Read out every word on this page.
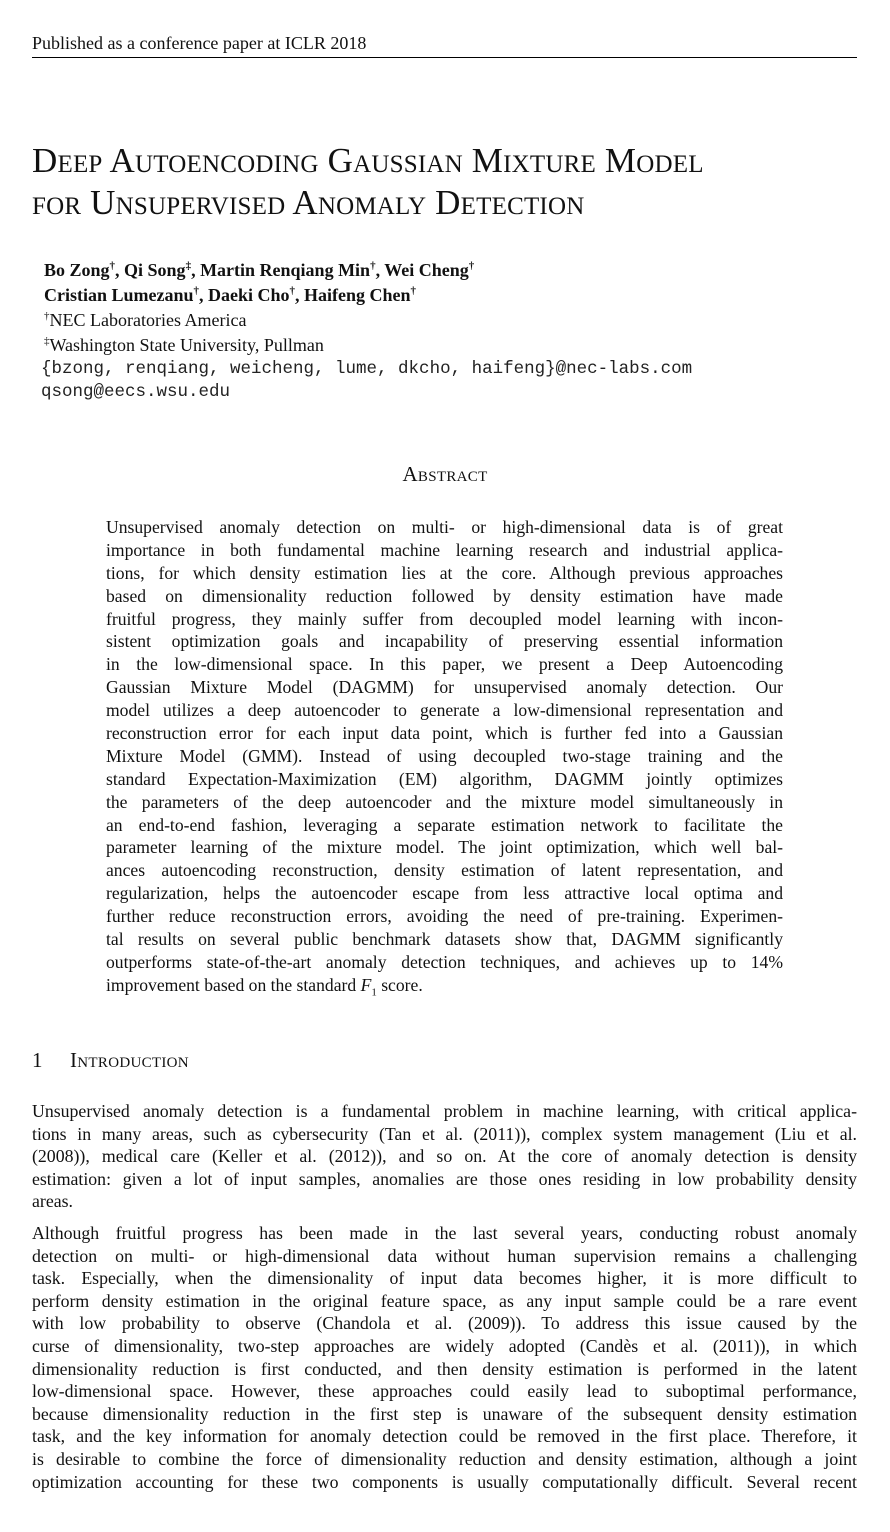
Published as a conference paper at ICLR 2018
Deep Autoencoding Gaussian Mixture Model
for Unsupervised Anomaly Detection
Bo Zong†, Qi Song‡, Martin Renqiang Min†, Wei Cheng†
Cristian Lumezanu†, Daeki Cho†, Haifeng Chen†
†NEC Laboratories America
‡Washington State University, Pullman
{bzong, renqiang, weicheng, lume, dkcho, haifeng}@nec-labs.com
qsong@eecs.wsu.edu
Abstract
Unsupervised anomaly detection on multi- or high-dimensional data is of great
importance in both fundamental machine learning research and industrial applica-
tions, for which density estimation lies at the core. Although previous approaches
based on dimensionality reduction followed by density estimation have made
fruitful progress, they mainly suffer from decoupled model learning with incon-
sistent optimization goals and incapability of preserving essential information
in the low-dimensional space. In this paper, we present a Deep Autoencoding
Gaussian Mixture Model (DAGMM) for unsupervised anomaly detection. Our
model utilizes a deep autoencoder to generate a low-dimensional representation and
reconstruction error for each input data point, which is further fed into a Gaussian
Mixture Model (GMM). Instead of using decoupled two-stage training and the
standard Expectation-Maximization (EM) algorithm, DAGMM jointly optimizes
the parameters of the deep autoencoder and the mixture model simultaneously in
an end-to-end fashion, leveraging a separate estimation network to facilitate the
parameter learning of the mixture model. The joint optimization, which well bal-
ances autoencoding reconstruction, density estimation of latent representation, and
regularization, helps the autoencoder escape from less attractive local optima and
further reduce reconstruction errors, avoiding the need of pre-training. Experimen-
tal results on several public benchmark datasets show that, DAGMM significantly
outperforms state-of-the-art anomaly detection techniques, and achieves up to 14%
improvement based on the standard $F_1$ score.
1 Introduction
Unsupervised anomaly detection is a fundamental problem in machine learning, with critical applica-
tions in many areas, such as cybersecurity (Tan et al. (2011)), complex system management (Liu et al.
(2008)), medical care (Keller et al. (2012)), and so on. At the core of anomaly detection is density
estimation: given a lot of input samples, anomalies are those ones residing in low probability density
areas.
Although fruitful progress has been made in the last several years, conducting robust anomaly
detection on multi- or high-dimensional data without human supervision remains a challenging
task. Especially, when the dimensionality of input data becomes higher, it is more difficult to
perform density estimation in the original feature space, as any input sample could be a rare event
with low probability to observe (Chandola et al. (2009)). To address this issue caused by the
curse of dimensionality, two-step approaches are widely adopted (Candès et al. (2011)), in which
dimensionality reduction is first conducted, and then density estimation is performed in the latent
low-dimensional space. However, these approaches could easily lead to suboptimal performance,
because dimensionality reduction in the first step is unaware of the subsequent density estimation
task, and the key information for anomaly detection could be removed in the first place. Therefore, it
is desirable to combine the force of dimensionality reduction and density estimation, although a joint
optimization accounting for these two components is usually computationally difficult. Several recent
